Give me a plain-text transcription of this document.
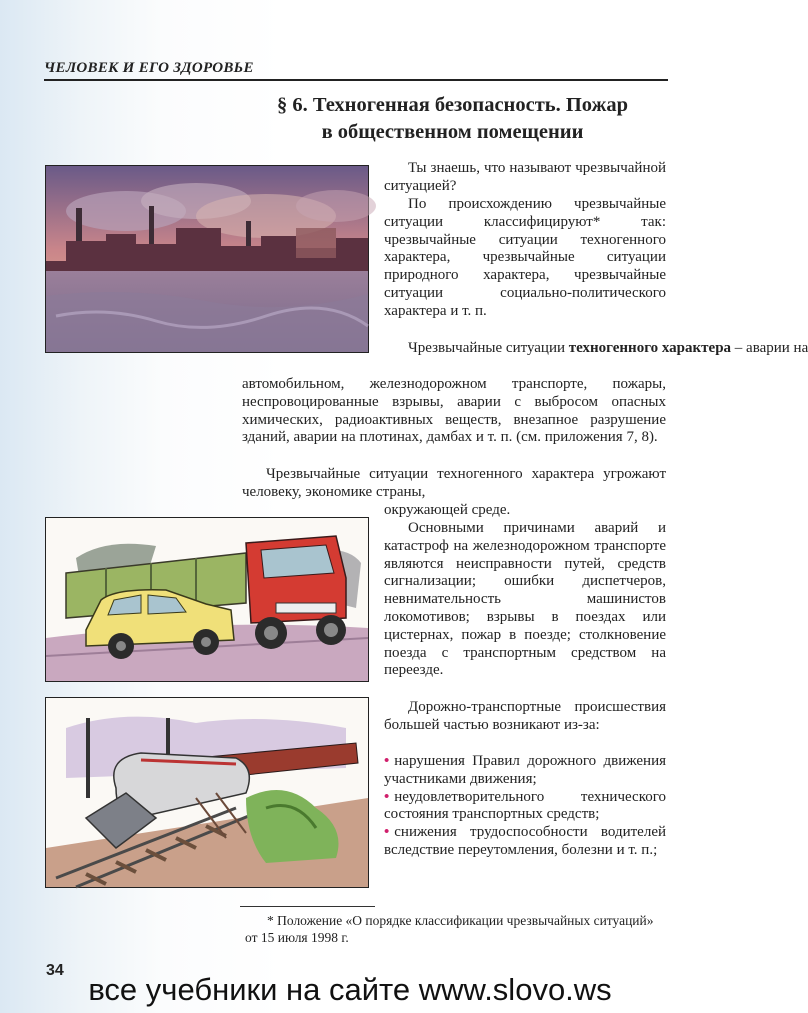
ЧЕЛОВЕК И ЕГО ЗДОРОВЬЕ
§ 6. Техногенная безопасность. Пожар
в общественном помещении

Ты знаешь, что называют чрезвычайной ситуацией?

По происхождению чрезвычайные ситуации классифицируют* так: чрезвычайные ситуации техногенного характера, чрезвычайные ситуации природного характера, чрезвычайные ситуации социально-политического характера и т. п.

Чрезвычайные ситуации техногенного характера – аварии на

автомобильном, железнодорожном транспорте, пожары, неспровоцированные взрывы, аварии с выбросом опасных химических, радиоактивных веществ, внезапное разрушение зданий, аварии на плотинах, дамбах и т. п. (см. приложения 7, 8).

Чрезвычайные ситуации техногенного характера угрожают человеку, экономике страны,

окружающей среде.

Основными причинами аварий и катастроф на железнодорожном транспорте являются неисправности путей, средств сигнализации; ошибки диспетчеров, невнимательность машинистов локомотивов; взрывы в поездах или цистернах, пожар в поезде; столкновение поезда с транспортным средством на переезде.

Дорожно-транспортные происшествия большей частью возникают из-за:

• нарушения Правил дорожного движения участниками движения;
• неудовлетворительного технического состояния транспортных средств;
• снижения трудоспособности водителей вследствие переутомления, болезни и т. п.;

* Положение «О порядке классификации чрезвычайных ситуаций» от 15 июля 1998 г.

34
все учебники на сайте www.slovo.ws
